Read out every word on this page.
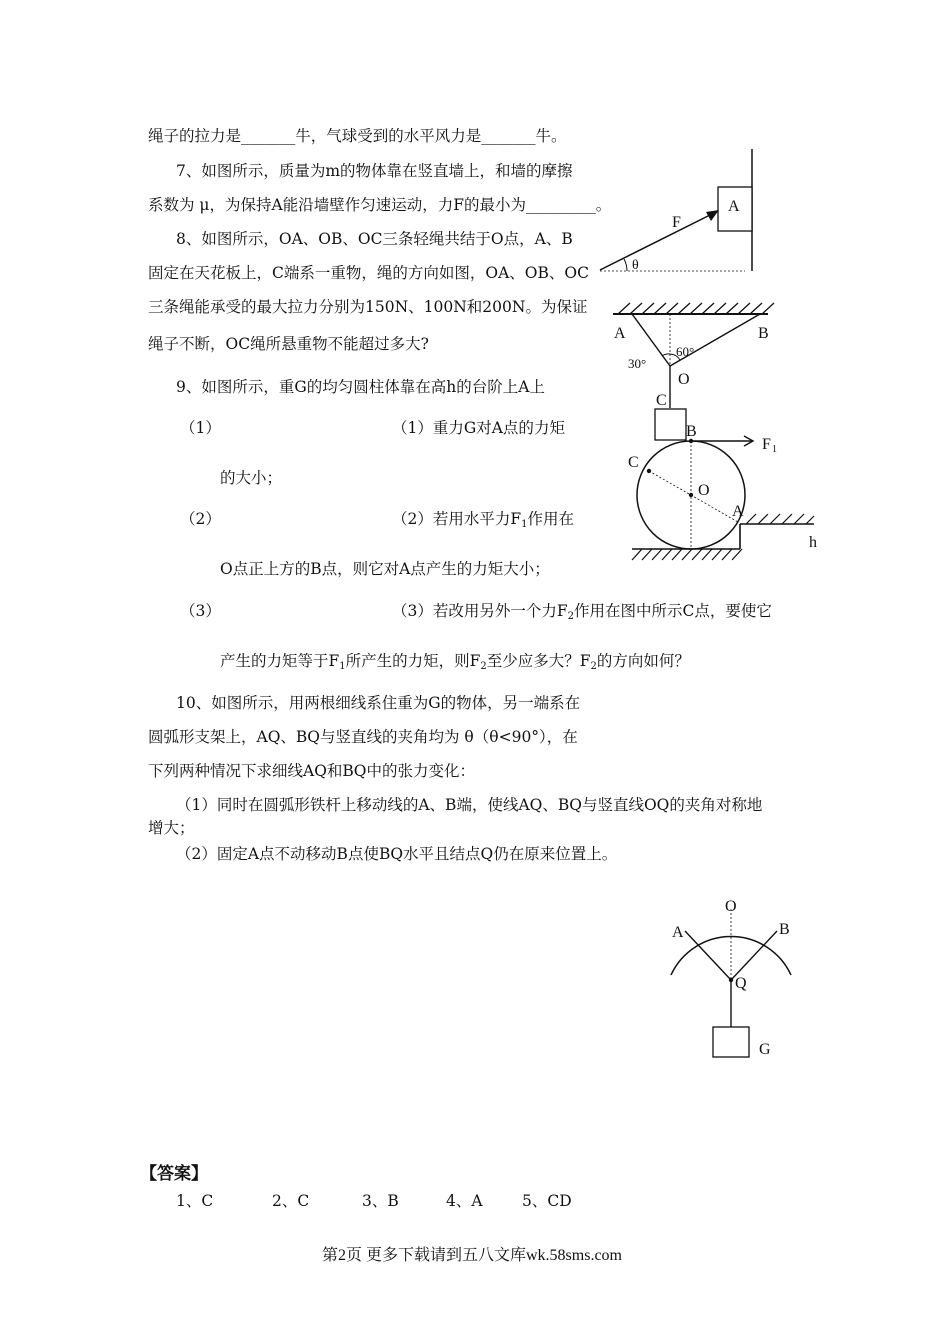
绳子的拉力是_______牛，气球受到的水平风力是_______牛。
7、如图所示，质量为m的物体靠在竖直墙上，和墙的摩擦
系数为 μ，为保持A能沿墙壁作匀速运动，力F的最小为_________。	A
F
θ
8、如图所示，OA、OB、OC三条轻绳共结于O点，A、B
固定在天花板上，C端系一重物，绳的方向如图，OA、OB、OC
三条绳能承受的最大拉力分别为150N、100N和200N。为保证
绳子不断，OC绳所悬重物不能超过多大?
A	B
60°
30°
O
C
9、如图所示，重G的均匀圆柱体靠在高h的台阶上A上
（1）	（1）重力G对A点的力矩
的大小；
（2）	（2）若用水平力$F_1$作用在
O点正上方的B点，则它对A点产生的力矩大小；
（3）	（3）若改用另外一个力$F_2$作用在图中所示C点，要使它
产生的力矩等于$F_1$所产生的力矩，则$F_2$至少应多大？$F_2$的方向如何？
B
F 1
C
O
A
h
10、如图所示，用两根细线系住重为G的物体，另一端系在
圆弧形支架上，AQ、BQ与竖直线的夹角均为 θ（θ<90°），在
下列两种情况下求细线AQ和BQ中的张力变化：
（1）同时在圆弧形铁杆上移动线的A、B端，使线AQ、BQ与竖直线OQ的夹角对称地
增大；
（2）固定A点不动移动B点使BQ水平且结点Q仍在原来位置上。
O
A	B
Q
G
【答案】
1、C	2、C	3、B	4、A	5、CD
第2页 更多下载请到五八文库wk.58sms.com
